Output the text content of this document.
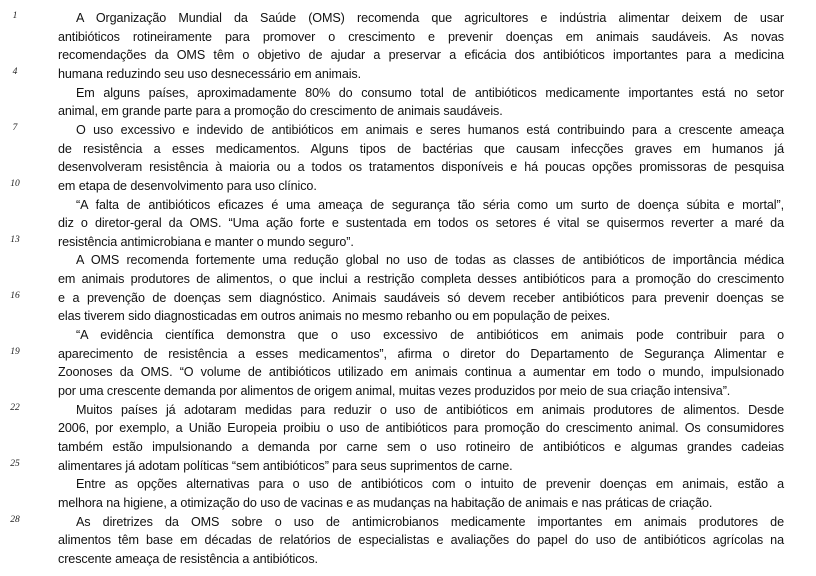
1	A Organização Mundial da Saúde (OMS) recomenda que agricultores e indústria alimentar deixem de usar
antibióticos rotineiramente para promover o crescimento e prevenir doenças em animais saudáveis. As novas
recomendações da OMS têm o objetivo de ajudar a preservar a eficácia dos antibióticos importantes para a medicina
4	humana reduzindo seu uso desnecessário em animais.
Em alguns países, aproximadamente 80% do consumo total de antibióticos medicamente importantes está no setor
animal, em grande parte para a promoção do crescimento de animais saudáveis.
7	O uso excessivo e indevido de antibióticos em animais e seres humanos está contribuindo para a crescente ameaça
de resistência a esses medicamentos. Alguns tipos de bactérias que causam infecções graves em humanos já
desenvolveram resistência à maioria ou a todos os tratamentos disponíveis e há poucas opções promissoras de pesquisa
10	em etapa de desenvolvimento para uso clínico.
“A falta de antibióticos eficazes é uma ameaça de segurança tão séria como um surto de doença súbita e mortal”,
diz o diretor-geral da OMS. “Uma ação forte e sustentada em todos os setores é vital se quisermos reverter a maré da
13	resistência antimicrobiana e manter o mundo seguro”.
A OMS recomenda fortemente uma redução global no uso de todas as classes de antibióticos de importância médica
em animais produtores de alimentos, o que inclui a restrição completa desses antibióticos para a promoção do crescimento
16	e a prevenção de doenças sem diagnóstico. Animais saudáveis só devem receber antibióticos para prevenir doenças se
elas tiverem sido diagnosticadas em outros animais no mesmo rebanho ou em população de peixes.
“A evidência científica demonstra que o uso excessivo de antibióticos em animais pode contribuir para o
19	aparecimento de resistência a esses medicamentos”, afirma o diretor do Departamento de Segurança Alimentar e
Zoonoses da OMS. “O volume de antibióticos utilizado em animais continua a aumentar em todo o mundo, impulsionado
por uma crescente demanda por alimentos de origem animal, muitas vezes produzidos por meio de sua criação intensiva”.
22	Muitos países já adotaram medidas para reduzir o uso de antibióticos em animais produtores de alimentos. Desde
2006, por exemplo, a União Europeia proibiu o uso de antibióticos para promoção do crescimento animal. Os consumidores
também estão impulsionando a demanda por carne sem o uso rotineiro de antibióticos e algumas grandes cadeias
25	alimentares já adotam políticas “sem antibióticos” para seus suprimentos de carne.
Entre as opções alternativas para o uso de antibióticos com o intuito de prevenir doenças em animais, estão a
melhora na higiene, a otimização do uso de vacinas e as mudanças na habitação de animais e nas práticas de criação.
28	As diretrizes da OMS sobre o uso de antimicrobianos medicamente importantes em animais produtores de
alimentos têm base em décadas de relatórios de especialistas e avaliações do papel do uso de antibióticos agrícolas na
crescente ameaça de resistência a antibióticos.
